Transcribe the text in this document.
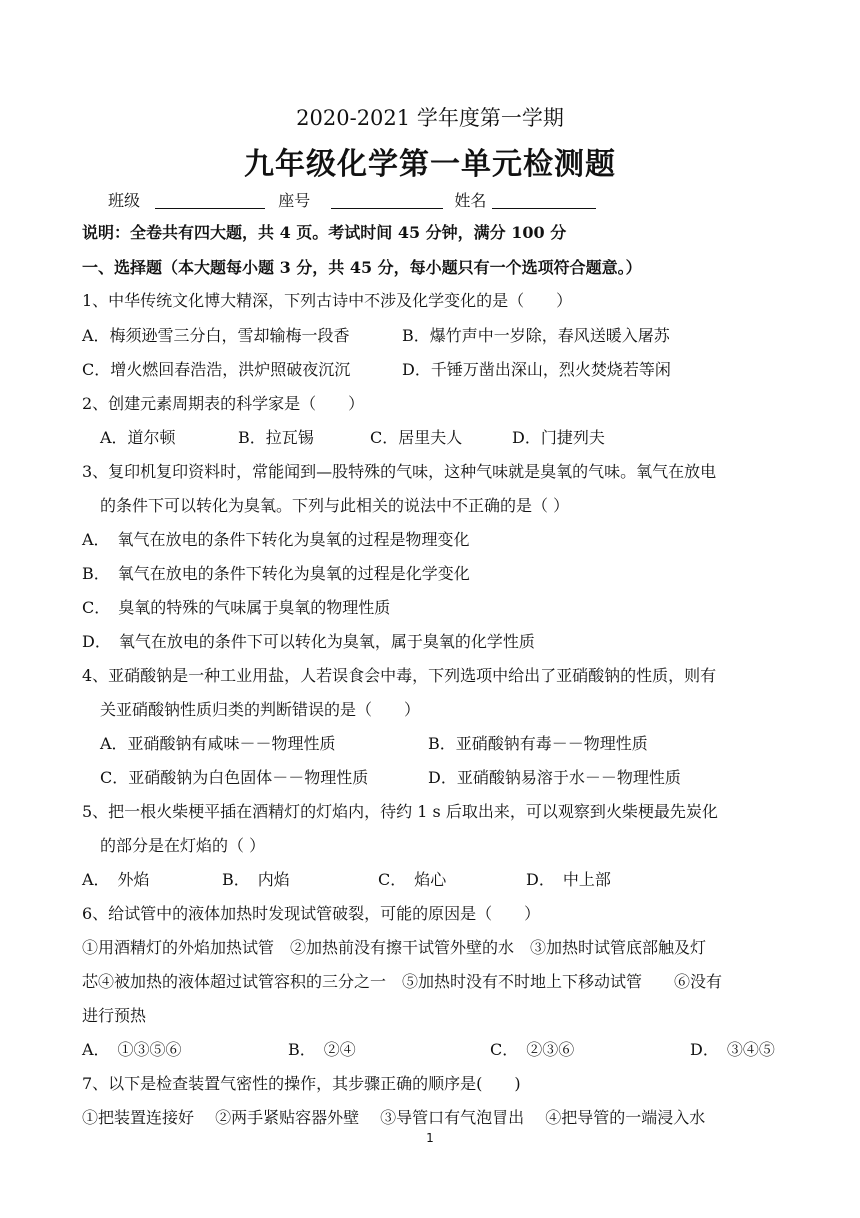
2020-2021 学年度第一学期
九年级化学第一单元检测题
班级	座号	姓名
说明：全卷共有四大题，共 4 页。考试时间 45 分钟，满分 100 分
一、选择题（本大题每小题 3 分，共 45 分，每小题只有一个选项符合题意。）
1、中华传统文化博大精深，下列古诗中不涉及化学变化的是（　　）
A．梅须逊雪三分白，雪却输梅一段香	B．爆竹声中一岁除，春风送暖入屠苏
C．增火燃回春浩浩，洪炉照破夜沉沉	D．千锤万凿出深山，烈火焚烧若等闲
2、创建元素周期表的科学家是（　　）
A．道尔顿	B．拉瓦锡	C．居里夫人	D．门捷列夫
3、复印机复印资料时，常能闻到—股特殊的气味，这种气味就是臭氧的气味。氧气在放电
的条件下可以转化为臭氧。下列与此相关的说法中不正确的是（ ）
A．　氧气在放电的条件下转化为臭氧的过程是物理变化
B．　氧气在放电的条件下转化为臭氧的过程是化学变化
C．　臭氧的特殊的气味属于臭氧的物理性质
D．　氧气在放电的条件下可以转化为臭氧，属于臭氧的化学性质
4、亚硝酸钠是一种工业用盐，人若误食会中毒，下列选项中给出了亚硝酸钠的性质，则有
关亚硝酸钠性质归类的判断错误的是（　　）
A．亚硝酸钠有咸味－－物理性质	B．亚硝酸钠有毒－－物理性质
C．亚硝酸钠为白色固体－－物理性质	D．亚硝酸钠易溶于水－－物理性质
5、把一根火柴梗平插在酒精灯的灯焰内，待约 1 s 后取出来，可以观察到火柴梗最先炭化
的部分是在灯焰的（ ）
A．　外焰	B．　内焰	C．　焰心	D．　中上部
6、给试管中的液体加热时发现试管破裂，可能的原因是（　　）
①用酒精灯的外焰加热试管　②加热前没有擦干试管外壁的水　③加热时试管底部触及灯
芯④被加热的液体超过试管容积的三分之一　⑤加热时没有不时地上下移动试管　　⑥没有
进行预热
A．　①③⑤⑥	B．　②④	C．　②③⑥	D．　③④⑤
7、以下是检查装置气密性的操作，其步骤正确的顺序是(　　)
①把装置连接好　 ②两手紧贴容器外壁　 ③导管口有气泡冒出　 ④把导管的一端浸入水
1
